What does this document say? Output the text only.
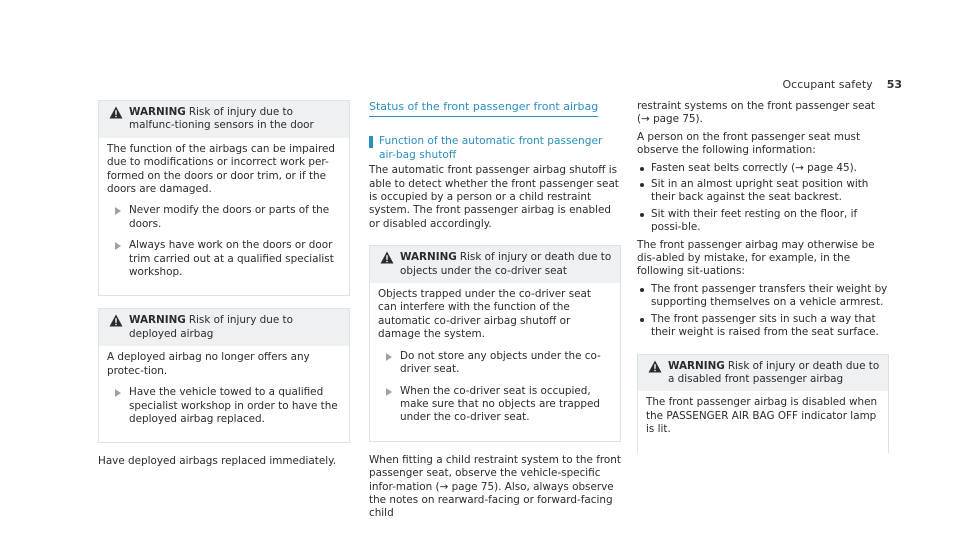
Occupant safety 53
WARNING Risk of injury due to malfunc-tioning sensors in the door

The function of the airbags can be impaired due to modifications or incorrect work per-formed on the doors or door trim, or if the doors are damaged.

Never modify the doors or parts of the doors.
Always have work on the doors or door trim carried out at a qualified specialist workshop.
WARNING Risk of injury due to deployed airbag

A deployed airbag no longer offers any protec-tion.

Have the vehicle towed to a qualified specialist workshop in order to have the deployed airbag replaced.

Have deployed airbags replaced immediately.

Status of the front passenger front airbag
Function of the automatic front passenger air-bag shutoff

The automatic front passenger airbag shutoff is able to detect whether the front passenger seat is occupied by a person or a child restraint system. The front passenger airbag is enabled or disabled accordingly.

WARNING Risk of injury or death due to objects under the co-driver seat

Objects trapped under the co-driver seat can interfere with the function of the automatic co-driver airbag shutoff or damage the system.

Do not store any objects under the co-driver seat.
When the co-driver seat is occupied, make sure that no objects are trapped under the co-driver seat.

When fitting a child restraint system to the front passenger seat, observe the vehicle-specific infor-mation (→ page 75). Also, always observe the notes on rearward-facing or forward-facing child

restraint systems on the front passenger seat (→ page 75).

A person on the front passenger seat must observe the following information:

Fasten seat belts correctly (→ page 45).
Sit in an almost upright seat position with their back against the seat backrest.
Sit with their feet resting on the floor, if possi-ble.

The front passenger airbag may otherwise be dis-abled by mistake, for example, in the following sit-uations:

The front passenger transfers their weight by supporting themselves on a vehicle armrest.
The front passenger sits in such a way that their weight is raised from the seat surface.
WARNING Risk of injury or death due to a disabled front passenger airbag

The front passenger airbag is disabled when the PASSENGER AIR BAG OFF indicator lamp is lit.
